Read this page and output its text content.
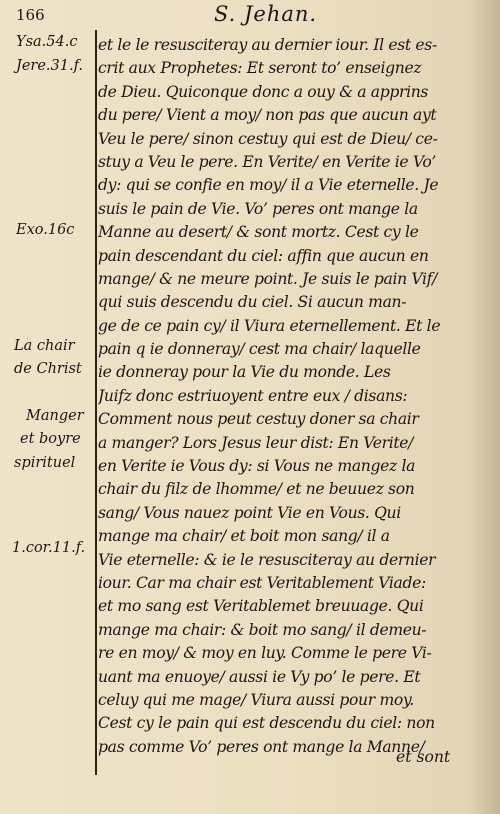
166	S. Jehan.
Ysa.54.c
Jere.31.f.
Exo.16c
La chair
de Christ
Manger
et boyre
spirituel
1.cor.11.f.
et le le resusciteray au dernier iour. Il est es-
crit aux Prophetes: Et seront to’ enseignez
de Dieu. Quiconque donc a ouy & a apprins
du pere/ Vient a moy/ non pas que aucun ayt
Veu le pere/ sinon cestuy qui est de Dieu/ ce-
stuy a Veu le pere. En Verite/ en Verite ie Vo’
dy: qui se confie en moy/ il a Vie eternelle. Je
suis le pain de Vie. Vo’ peres ont mange la
Manne au desert/ & sont mortz. Cest cy le
pain descendant du ciel: affin que aucun en
mange/ & ne meure point. Je suis le pain Vif/
qui suis descendu du ciel. Si aucun man-
ge de ce pain cy/ il Viura eternellement. Et le
pain q ie donneray/ cest ma chair/ laquelle
ie donneray pour la Vie du monde. Les
Juifz donc estriuoyent entre eux / disans:
Comment nous peut cestuy doner sa chair
a manger? Lors Jesus leur dist: En Verite/
en Verite ie Vous dy: si Vous ne mangez la
chair du filz de lhomme/ et ne beuuez son
sang/ Vous nauez point Vie en Vous. Qui
mange ma chair/ et boit mon sang/ il a
Vie eternelle: & ie le resusciteray au dernier
iour. Car ma chair est Veritablement Viade:
et mo sang est Veritablemet breuuage. Qui
mange ma chair: & boit mo sang/ il demeu-
re en moy/ & moy en luy. Comme le pere Vi-
uant ma enuoye/ aussi ie Vy po’ le pere. Et
celuy qui me mage/ Viura aussi pour moy.
Cest cy le pain qui est descendu du ciel: non
pas comme Vo’ peres ont mange la Manne/
et sont
